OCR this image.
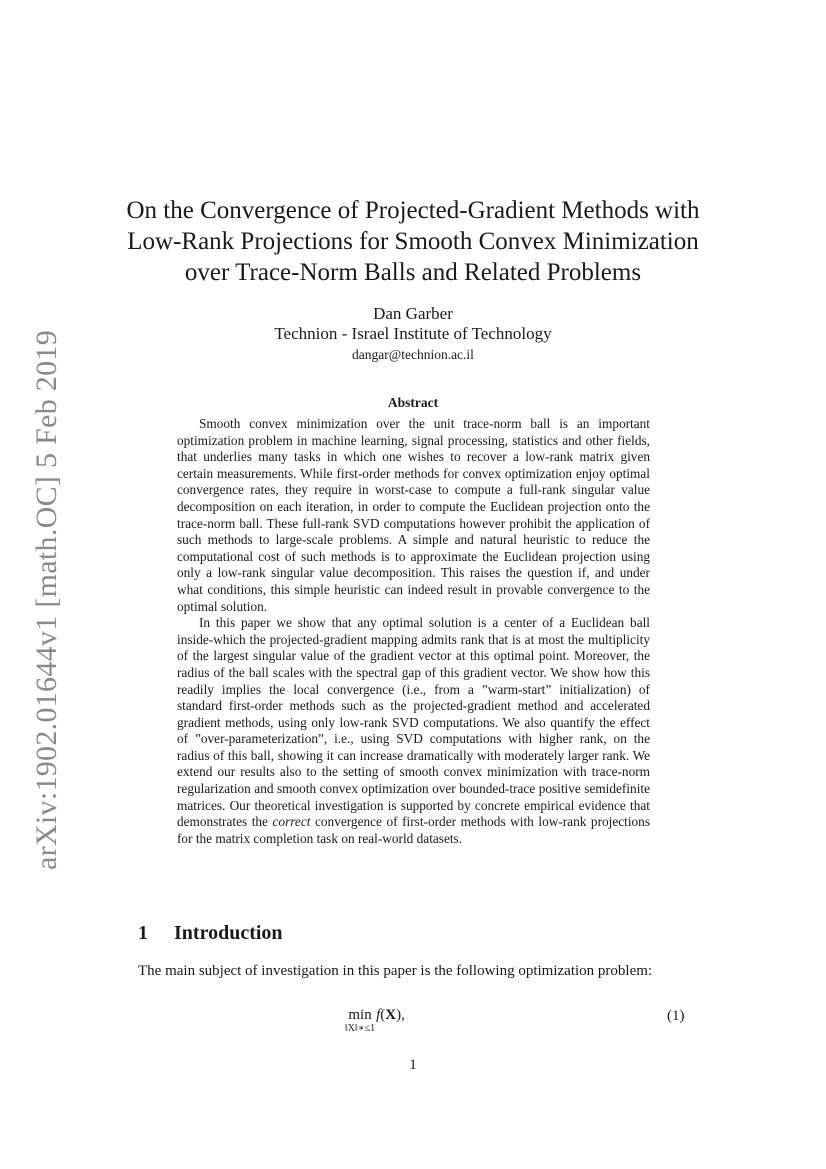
arXiv:1902.01644v1 [math.OC] 5 Feb 2019
On the Convergence of Projected-Gradient Methods with Low-Rank Projections for Smooth Convex Minimization over Trace-Norm Balls and Related Problems
Dan Garber
Technion - Israel Institute of Technology
dangar@technion.ac.il
Abstract

Smooth convex minimization over the unit trace-norm ball is an important optimization problem in machine learning, signal processing, statistics and other fields, that underlies many tasks in which one wishes to recover a low-rank matrix given certain measurements. While first-order methods for convex optimization enjoy optimal convergence rates, they require in worst-case to compute a full-rank singular value decomposition on each iteration, in order to compute the Euclidean projection onto the trace-norm ball. These full-rank SVD computations however prohibit the application of such methods to large-scale problems. A simple and natural heuristic to reduce the computational cost of such methods is to approximate the Euclidean projection using only a low-rank singular value decomposition. This raises the question if, and under what conditions, this simple heuristic can indeed result in provable convergence to the optimal solution.

In this paper we show that any optimal solution is a center of a Euclidean ball inside-which the projected-gradient mapping admits rank that is at most the multiplicity of the largest singular value of the gradient vector at this optimal point. Moreover, the radius of the ball scales with the spectral gap of this gradient vector. We show how this readily implies the local convergence (i.e., from a ”warm-start” initialization) of standard first-order methods such as the projected-gradient method and accelerated gradient methods, using only low-rank SVD computations. We also quantify the effect of ”over-parameterization”, i.e., using SVD computations with higher rank, on the radius of this ball, showing it can increase dramatically with moderately larger rank. We extend our results also to the setting of smooth convex minimization with trace-norm regularization and smooth convex optimization over bounded-trace positive semidefinite matrices. Our theoretical investigation is supported by concrete empirical evidence that demonstrates the correct convergence of first-order methods with low-rank projections for the matrix completion task on real-world datasets.

1 Introduction

The main subject of investigation in this paper is the following optimization problem:

min
‖X‖∗≤1
f(X),	(1)
1
